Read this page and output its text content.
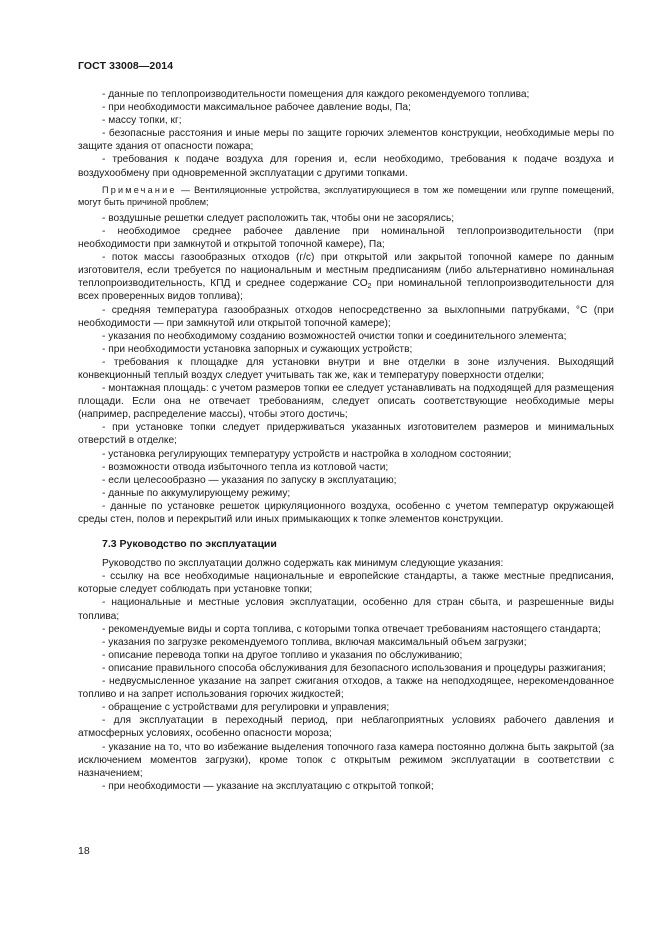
ГОСТ 33008—2014

- данные по теплопроизводительности помещения для каждого рекомендуемого топлива;

- при необходимости максимальное рабочее давление воды, Па;

- массу топки, кг;

- безопасные расстояния и иные меры по защите горючих элементов конструкции, необходимые меры по защите здания от опасности пожара;

- требования к подаче воздуха для горения и, если необходимо, требования к подаче воздуха и воздухообмену при одновременной эксплуатации с другими топками.

Примечание — Вентиляционные устройства, эксплуатирующиеся в том же помещении или группе помещений, могут быть причиной проблем;

- воздушные решетки следует расположить так, чтобы они не засорялись;

- необходимое среднее рабочее давление при номинальной теплопроизводительности (при необходимости при замкнутой и открытой топочной камере), Па;

- поток массы газообразных отходов (г/с) при открытой или закрытой топочной камере по данным изготовителя, если требуется по национальным и местным предписаниям (либо альтернативно номинальная теплопроизводительность, КПД и среднее содержание $CO_2$ при номинальной теплопроизводительности для всех проверенных видов топлива);

- средняя температура газообразных отходов непосредственно за выхлопными патрубками, °C (при необходимости — при замкнутой или открытой топочной камере);

- указания по необходимому созданию возможностей очистки топки и соединительного элемента;

- при необходимости установка запорных и сужающих устройств;

- требования к площадке для установки внутри и вне отделки в зоне излучения. Выходящий конвекционный теплый воздух следует учитывать так же, как и температуру поверхности отделки;

- монтажная площадь: с учетом размеров топки ее следует устанавливать на подходящей для размещения площади. Если она не отвечает требованиям, следует описать соответствующие необходимые меры (например, распределение массы), чтобы этого достичь;

- при установке топки следует придерживаться указанных изготовителем размеров и минимальных отверстий в отделке;

- установка регулирующих температуру устройств и настройка в холодном состоянии;

- возможности отвода избыточного тепла из котловой части;

- если целесообразно — указания по запуску в эксплуатацию;

- данные по аккумулирующему режиму;

- данные по установке решеток циркуляционного воздуха, особенно с учетом температур окружающей среды стен, полов и перекрытий или иных примыкающих к топке элементов конструкции.

7.3 Руководство по эксплуатации

Руководство по эксплуатации должно содержать как минимум следующие указания:

- ссылку на все необходимые национальные и европейские стандарты, а также местные предписания, которые следует соблюдать при установке топки;

- национальные и местные условия эксплуатации, особенно для стран сбыта, и разрешенные виды топлива;

- рекомендуемые виды и сорта топлива, с которыми топка отвечает требованиям настоящего стандарта;

- указания по загрузке рекомендуемого топлива, включая максимальный объем загрузки;

- описание перевода топки на другое топливо и указания по обслуживанию;

- описание правильного способа обслуживания для безопасного использования и процедуры разжигания;

- недвусмысленное указание на запрет сжигания отходов, а также на неподходящее, нерекомендованное топливо и на запрет использования горючих жидкостей;

- обращение с устройствами для регулировки и управления;

- для эксплуатации в переходный период, при неблагоприятных условиях рабочего давления и атмосферных условиях, особенно опасности мороза;

- указание на то, что во избежание выделения топочного газа камера постоянно должна быть закрытой (за исключением моментов загрузки), кроме топок с открытым режимом эксплуатации в соответствии с назначением;

- при необходимости — указание на эксплуатацию с открытой топкой;

18
